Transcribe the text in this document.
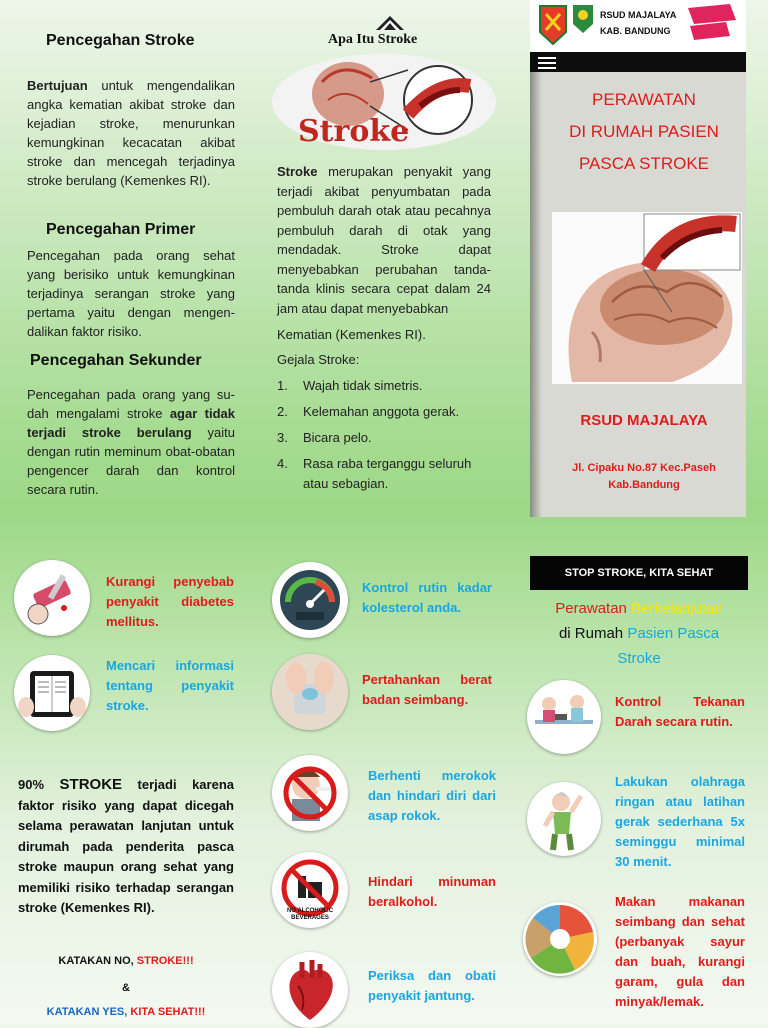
Pencegahan Stroke

Bertujuan untuk mengendalikan angka kematian akibat stroke dan kejadian stroke, menurunkan kemungkinan kecacatan akibat stroke dan mencegah terjadinya stroke berulang (Kemenkes RI).

Pencegahan Primer

Pencegahan pada orang sehat yang berisiko untuk kemungkinan terjadinya serangan stroke yang pertama yaitu dengan mengen-dalikan faktor risiko.

Pencegahan Sekunder

Pencegahan pada orang yang su-dah mengalami stroke agar tidak terjadi stroke berulang yaitu dengan rutin meminum obat-obatan pengencer darah dan kontrol secara rutin.

Apa Itu Stroke
Stroke

Stroke merupakan penyakit yang terjadi akibat penyumbatan pada pembuluh darah otak atau pecahnya pembuluh darah di otak yang mendadak. Stroke dapat menyebabkan perubahan tanda-tanda klinis secara cepat dalam 24 jam atau dapat menyebabkan

Kematian (Kemenkes RI).

Gejala Stroke:
1. Wajah tidak simetris.
2. Kelemahan anggota gerak.
3. Bicara pelo.
4. Rasa raba terganggu seluruh atau sebagian.
RSUD MAJALAYA
KAB. BANDUNG
PERAWATAN
DI RUMAH PASIEN
PASCA STROKE
RSUD MAJALAYA
Jl. Cipaku No.87 Kec.Paseh
Kab.Bandung

Kurangi penyebab penyakit diabetes mellitus.

Mencari informasi tentang penyakit stroke.

90% STROKE terjadi karena faktor risiko yang dapat dicegah selama perawatan lanjutan untuk dirumah pada penderita pasca stroke maupun orang sehat yang memiliki risiko terhadap serangan stroke (Kemenkes RI).

KATAKAN NO, STROKE!!!
&
KATAKAN YES, KITA SEHAT!!!

Kontrol rutin kadar kolesterol anda.

Pertahankan berat badan seimbang.

Berhenti merokok dan hindari diri dari asap rokok.

NO ALCOHOLIC
BEVERAGES

Hindari minuman beralkohol.

Periksa dan obati penyakit jantung.

STOP STROKE, KITA SEHAT
Perawatan Berkelanjutan
di Rumah Pasien Pasca
Stroke

Kontrol Tekanan Darah secara rutin.

Lakukan olahraga ringan atau latihan gerak sederhana 5x seminggu minimal 30 menit.

Makan makanan seimbang dan sehat (perbanyak sayur dan buah, kurangi garam, gula dan minyak/lemak.
